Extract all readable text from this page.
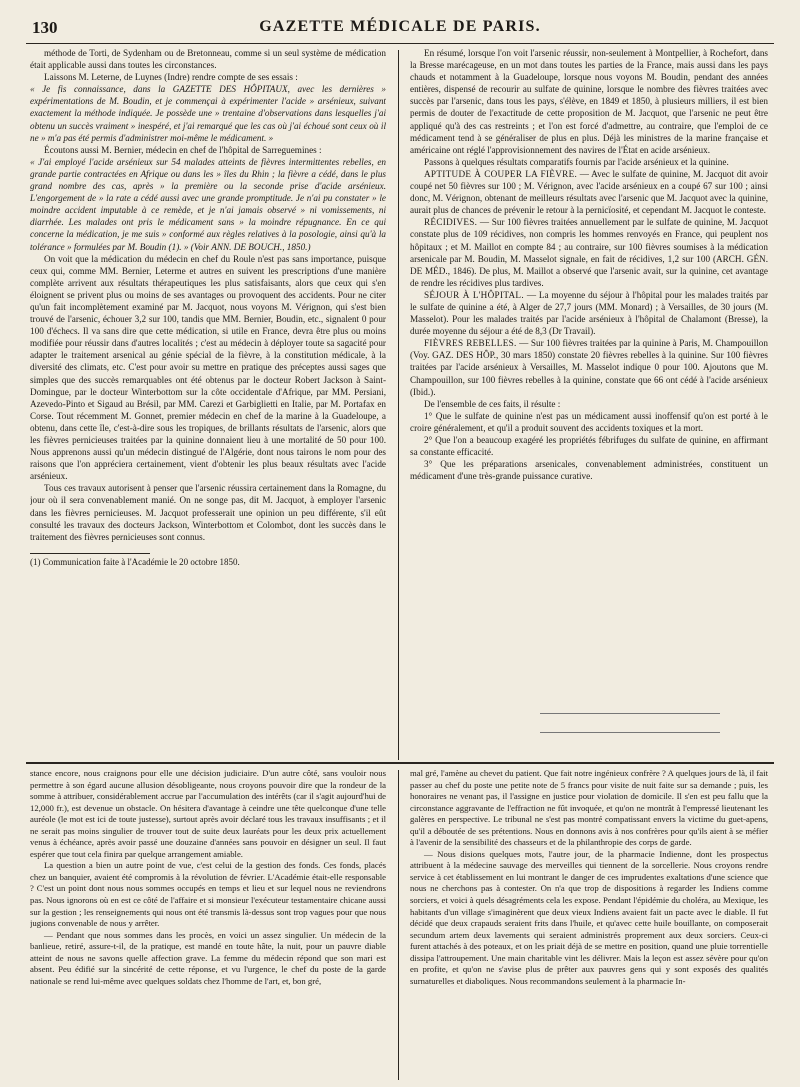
130	GAZETTE MÉDICALE DE PARIS.

méthode de Torti, de Sydenham ou de Bretonneau, comme si un seul système de médication était applicable aussi dans toutes les circonstances.

Laissons M. Leterne, de Luynes (Indre) rendre compte de ses essais :

« Je fis connaissance, dans la GAZETTE DES HÔPITAUX, avec les dernières » expérimentations de M. Boudin, et je commençai à expérimenter l'acide » arsénieux, suivant exactement la méthode indiquée. Je possède une » trentaine d'observations dans lesquelles j'ai obtenu un succès vraiment » inespéré, et j'ai remarqué que les cas où j'ai échoué sont ceux où il ne » m'a pas été permis d'administrer moi-même le médicament. »

Écoutons aussi M. Bernier, médecin en chef de l'hôpital de Sarreguemines :

« J'ai employé l'acide arsénieux sur 54 malades atteints de fièvres intermittentes rebelles, en grande partie contractées en Afrique ou dans les » îles du Rhin ; la fièvre a cédé, dans le plus grand nombre des cas, après » la première ou la seconde prise d'acide arsénieux. L'engorgement de » la rate a cédé aussi avec une grande promptitude. Je n'ai pu constater » le moindre accident imputable à ce remède, et je n'ai jamais observé » ni vomissements, ni diarrhée. Les malades ont pris le médicament sans » la moindre répugnance. En ce qui concerne la médication, je me suis » conformé aux règles relatives à la posologie, ainsi qu'à la tolérance » formulées par M. Boudin (1). » (Voir ANN. DE BOUCH., 1850.)

On voit que la médication du médecin en chef du Roule n'est pas sans importance, puisque ceux qui, comme MM. Bernier, Leterme et autres en suivent les prescriptions d'une manière complète arrivent aux résultats thérapeutiques les plus satisfaisants, alors que ceux qui s'en éloignent se privent plus ou moins de ses avantages ou provoquent des accidents. Pour ne citer qu'un fait incomplètement examiné par M. Jacquot, nous voyons M. Vérignon, qui s'est bien trouvé de l'arsenic, échouer 3,2 sur 100, tandis que MM. Bernier, Boudin, etc., signalent 0 pour 100 d'échecs. Il va sans dire que cette médication, si utile en France, devra être plus ou moins modifiée pour réussir dans d'autres localités ; c'est au médecin à déployer toute sa sagacité pour adapter le traitement arsenical au génie spécial de la fièvre, à la constitution médicale, à la diversité des climats, etc. C'est pour avoir su mettre en pratique des préceptes aussi sages que simples que des succès remarquables ont été obtenus par le docteur Robert Jackson à Saint-Domingue, par le docteur Winterbottom sur la côte occidentale d'Afrique, par MM. Persiani, Azevedo-Pinto et Sigaud au Brésil, par MM. Carezi et Garbiglietti en Italie, par M. Portafax en Corse. Tout récemment M. Gonnet, premier médecin en chef de la marine à la Guadeloupe, a obtenu, dans cette île, c'est-à-dire sous les tropiques, de brillants résultats de l'arsenic, alors que les fièvres pernicieuses traitées par la quinine donnaient lieu à une mortalité de 50 pour 100. Nous apprenons aussi qu'un médecin distingué de l'Algérie, dont nous tairons le nom pour des raisons que l'on appréciera certainement, vient d'obtenir les plus beaux résultats avec l'acide arsénieux.

Tous ces travaux autorisent à penser que l'arsenic réussira certainement dans la Romagne, du jour où il sera convenablement manié. On ne songe pas, dit M. Jacquot, à employer l'arsenic dans les fièvres pernicieuses. M. Jacquot professerait une opinion un peu différente, s'il eût consulté les travaux des docteurs Jackson, Winterbottom et Colombot, dont les succès dans le traitement des fièvres pernicieuses sont connus.

(1) Communication faite à l'Académie le 20 octobre 1850.

En résumé, lorsque l'on voit l'arsenic réussir, non-seulement à Montpellier, à Rochefort, dans la Bresse marécageuse, en un mot dans toutes les parties de la France, mais aussi dans les pays chauds et notamment à la Guadeloupe, lorsque nous voyons M. Boudin, pendant des années entières, dispensé de recourir au sulfate de quinine, lorsque le nombre des fièvres traitées avec succès par l'arsenic, dans tous les pays, s'élève, en 1849 et 1850, à plusieurs milliers, il est bien permis de douter de l'exactitude de cette proposition de M. Jacquot, que l'arsenic ne peut être appliqué qu'à des cas restreints ; et l'on est forcé d'admettre, au contraire, que l'emploi de ce médicament tend à se généraliser de plus en plus. Déjà les ministres de la marine française et américaine ont réglé l'approvisionnement des navires de l'État en acide arsénieux.

Passons à quelques résultats comparatifs fournis par l'acide arsénieux et la quinine.

APTITUDE À COUPER LA FIÈVRE. — Avec le sulfate de quinine, M. Jacquot dit avoir coupé net 50 fièvres sur 100 ; M. Vérignon, avec l'acide arsénieux en a coupé 67 sur 100 ; ainsi donc, M. Vérignon, obtenant de meilleurs résultats avec l'arsenic que M. Jacquot avec la quinine, aurait plus de chances de prévenir le retour à la pernicïosité, et cependant M. Jacquot le conteste.

RÉCIDIVES. — Sur 100 fièvres traitées annuellement par le sulfate de quinine, M. Jacquot constate plus de 109 récidives, non compris les hommes renvoyés en France, qui peuplent nos hôpitaux ; et M. Maillot en compte 84 ; au contraire, sur 100 fièvres soumises à la médication arsenicale par M. Boudin, M. Masselot signale, en fait de récidives, 1,2 sur 100 (ARCH. GÉN. DE MÉD., 1846). De plus, M. Maillot a observé que l'arsenic avait, sur la quinine, cet avantage de rendre les récidives plus tardives.

SÉJOUR À L'HÔPITAL. — La moyenne du séjour à l'hôpital pour les malades traités par le sulfate de quinine a été, à Alger de 27,7 jours (MM. Monard) ; à Versailles, de 30 jours (M. Masselot). Pour les malades traités par l'acide arsénieux à l'hôpital de Chalamont (Bresse), la durée moyenne du séjour a été de 8,3 (Dr Travail).

FIÈVRES REBELLES. — Sur 100 fièvres traitées par la quinine à Paris, M. Champouillon (Voy. GAZ. DES HÔP., 30 mars 1850) constate 20 fièvres rebelles à la quinine. Sur 100 fièvres traitées par l'acide arsénieux à Versailles, M. Masselot indique 0 pour 100. Ajoutons que M. Champouillon, sur 100 fièvres rebelles à la quinine, constate que 66 ont cédé à l'acide arsénieux (Ibid.).

De l'ensemble de ces faits, il résulte :

1° Que le sulfate de quinine n'est pas un médicament aussi inoffensif qu'on est porté à le croire généralement, et qu'il a produit souvent des accidents toxiques et la mort.

2° Que l'on a beaucoup exagéré les propriétés fébrifuges du sulfate de quinine, en affirmant sa constante efficacité.

3° Que les préparations arsenicales, convenablement administrées, constituent un médicament d'une très-grande puissance curative.

stance encore, nous craignons pour elle une décision judiciaire. D'un autre côté, sans vouloir nous permettre à son égard aucune allusion désobligeante, nous croyons pouvoir dire que la rondeur de la somme à attribuer, considérablement accrue par l'accumulation des intérêts (car il s'agit aujourd'hui de 12,000 fr.), est devenue un obstacle. On hésitera d'avantage à ceindre une tête quelconque d'une telle auréole (le mot est ici de toute justesse), surtout après avoir déclaré tous les travaux insuffisants ; et il ne serait pas moins singulier de trouver tout de suite deux lauréats pour les deux prix actuellement venus à échéance, après avoir passé une douzaine d'années sans pouvoir en désigner un seul. Il faut espérer que tout cela finira par quelque arrangement amiable.

La question a bien un autre point de vue, c'est celui de la gestion des fonds. Ces fonds, placés chez un banquier, avaient été compromis à la révolution de février. L'Académie était-elle responsable ? C'est un point dont nous nous sommes occupés en temps et lieu et sur lequel nous ne reviendrons pas. Nous ignorons où en est ce côté de l'affaire et si monsieur l'exécuteur testamentaire chicane aussi sur la gestion ; les renseignements qui nous ont été transmis là-dessus sont trop vagues pour que nous jugions convenable de nous y arrêter.

— Pendant que nous sommes dans les procès, en voici un assez singulier. Un médecin de la banlieue, retiré, assure-t-il, de la pratique, est mandé en toute hâte, la nuit, pour un pauvre diable atteint de nous ne savons quelle affection grave. La femme du médecin répond que son mari est absent. Peu édifié sur la sincérité de cette réponse, et vu l'urgence, le chef du poste de la garde nationale se rend lui-même avec quelques soldats chez l'homme de l'art, et, bon gré,

mal gré, l'amène au chevet du patient. Que fait notre ingénieux confrère ? A quelques jours de là, il fait passer au chef du poste une petite note de 5 francs pour visite de nuit faite sur sa demande ; puis, les honoraires ne venant pas, il l'assigne en justice pour violation de domicile. Il s'en est peu fallu que la circonstance aggravante de l'effraction ne fût invoquée, et qu'on ne montrât à l'empressé lieutenant les galères en perspective. Le tribunal ne s'est pas montré compatissant envers la victime du guet-apens, qu'il a déboutée de ses prétentions. Nous en donnons avis à nos confrères pour qu'ils aient à se méfier à l'avenir de la sensibilité des chasseurs et de la philanthropie des corps de garde.

— Nous disions quelques mots, l'autre jour, de la pharmacie Indienne, dont les prospectus attribuent à la médecine sauvage des merveilles qui tiennent de la sorcellerie. Nous croyons rendre service à cet établissement en lui montrant le danger de ces imprudentes exaltations d'une science que nous ne cherchons pas à contester. On n'a que trop de dispositions à regarder les Indiens comme sorciers, et voici à quels désagréments cela les expose. Pendant l'épidémie du choléra, au Mexique, les habitants d'un village s'imaginèrent que deux vieux Indiens avaient fait un pacte avec le diable. Il fut décidé que deux crapauds seraient frits dans l'huile, et qu'avec cette huile bouillante, on composerait secundum artem deux lavements qui seraient administrés proprement aux deux sorciers. Ceux-ci furent attachés à des poteaux, et on les priait déjà de se mettre en position, quand une pluie torrentielle dissipa l'attroupement. Une main charitable vint les délivrer. Mais la leçon est assez sévère pour qu'on en profite, et qu'on ne s'avise plus de prêter aux pauvres gens qui y sont exposés des qualités surnaturelles et diaboliques. Nous recommandons seulement à la pharmacie In-
